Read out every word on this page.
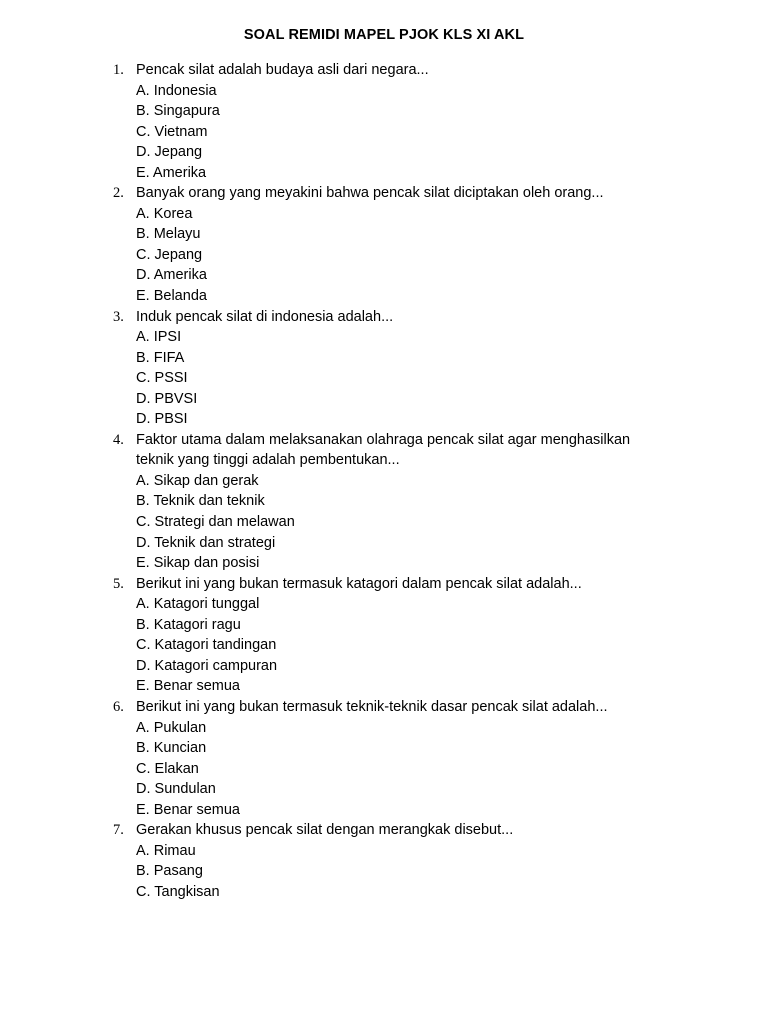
SOAL REMIDI MAPEL PJOK KLS XI AKL
1. Pencak silat adalah budaya asli dari negara...
A. Indonesia
B. Singapura
C. Vietnam
D. Jepang
E. Amerika
2. Banyak orang yang meyakini bahwa pencak silat diciptakan oleh orang...
A. Korea
B. Melayu
C. Jepang
D. Amerika
E. Belanda
3. Induk pencak silat di indonesia adalah...
A. IPSI
B. FIFA
C. PSSI
D. PBVSI
D. PBSI
4. Faktor utama dalam melaksanakan olahraga pencak silat agar menghasilkan teknik yang tinggi adalah pembentukan...
A. Sikap dan gerak
B. Teknik dan teknik
C. Strategi dan melawan
D. Teknik dan strategi
E. Sikap dan posisi
5. Berikut ini yang bukan termasuk katagori dalam pencak silat adalah...
A. Katagori tunggal
B. Katagori ragu
C. Katagori tandingan
D. Katagori campuran
E. Benar semua
6. Berikut ini yang bukan termasuk teknik-teknik dasar pencak silat adalah...
A. Pukulan
B. Kuncian
C. Elakan
D. Sundulan
E. Benar semua
7. Gerakan khusus pencak silat dengan merangkak disebut...
A. Rimau
B. Pasang
C. Tangkisan
